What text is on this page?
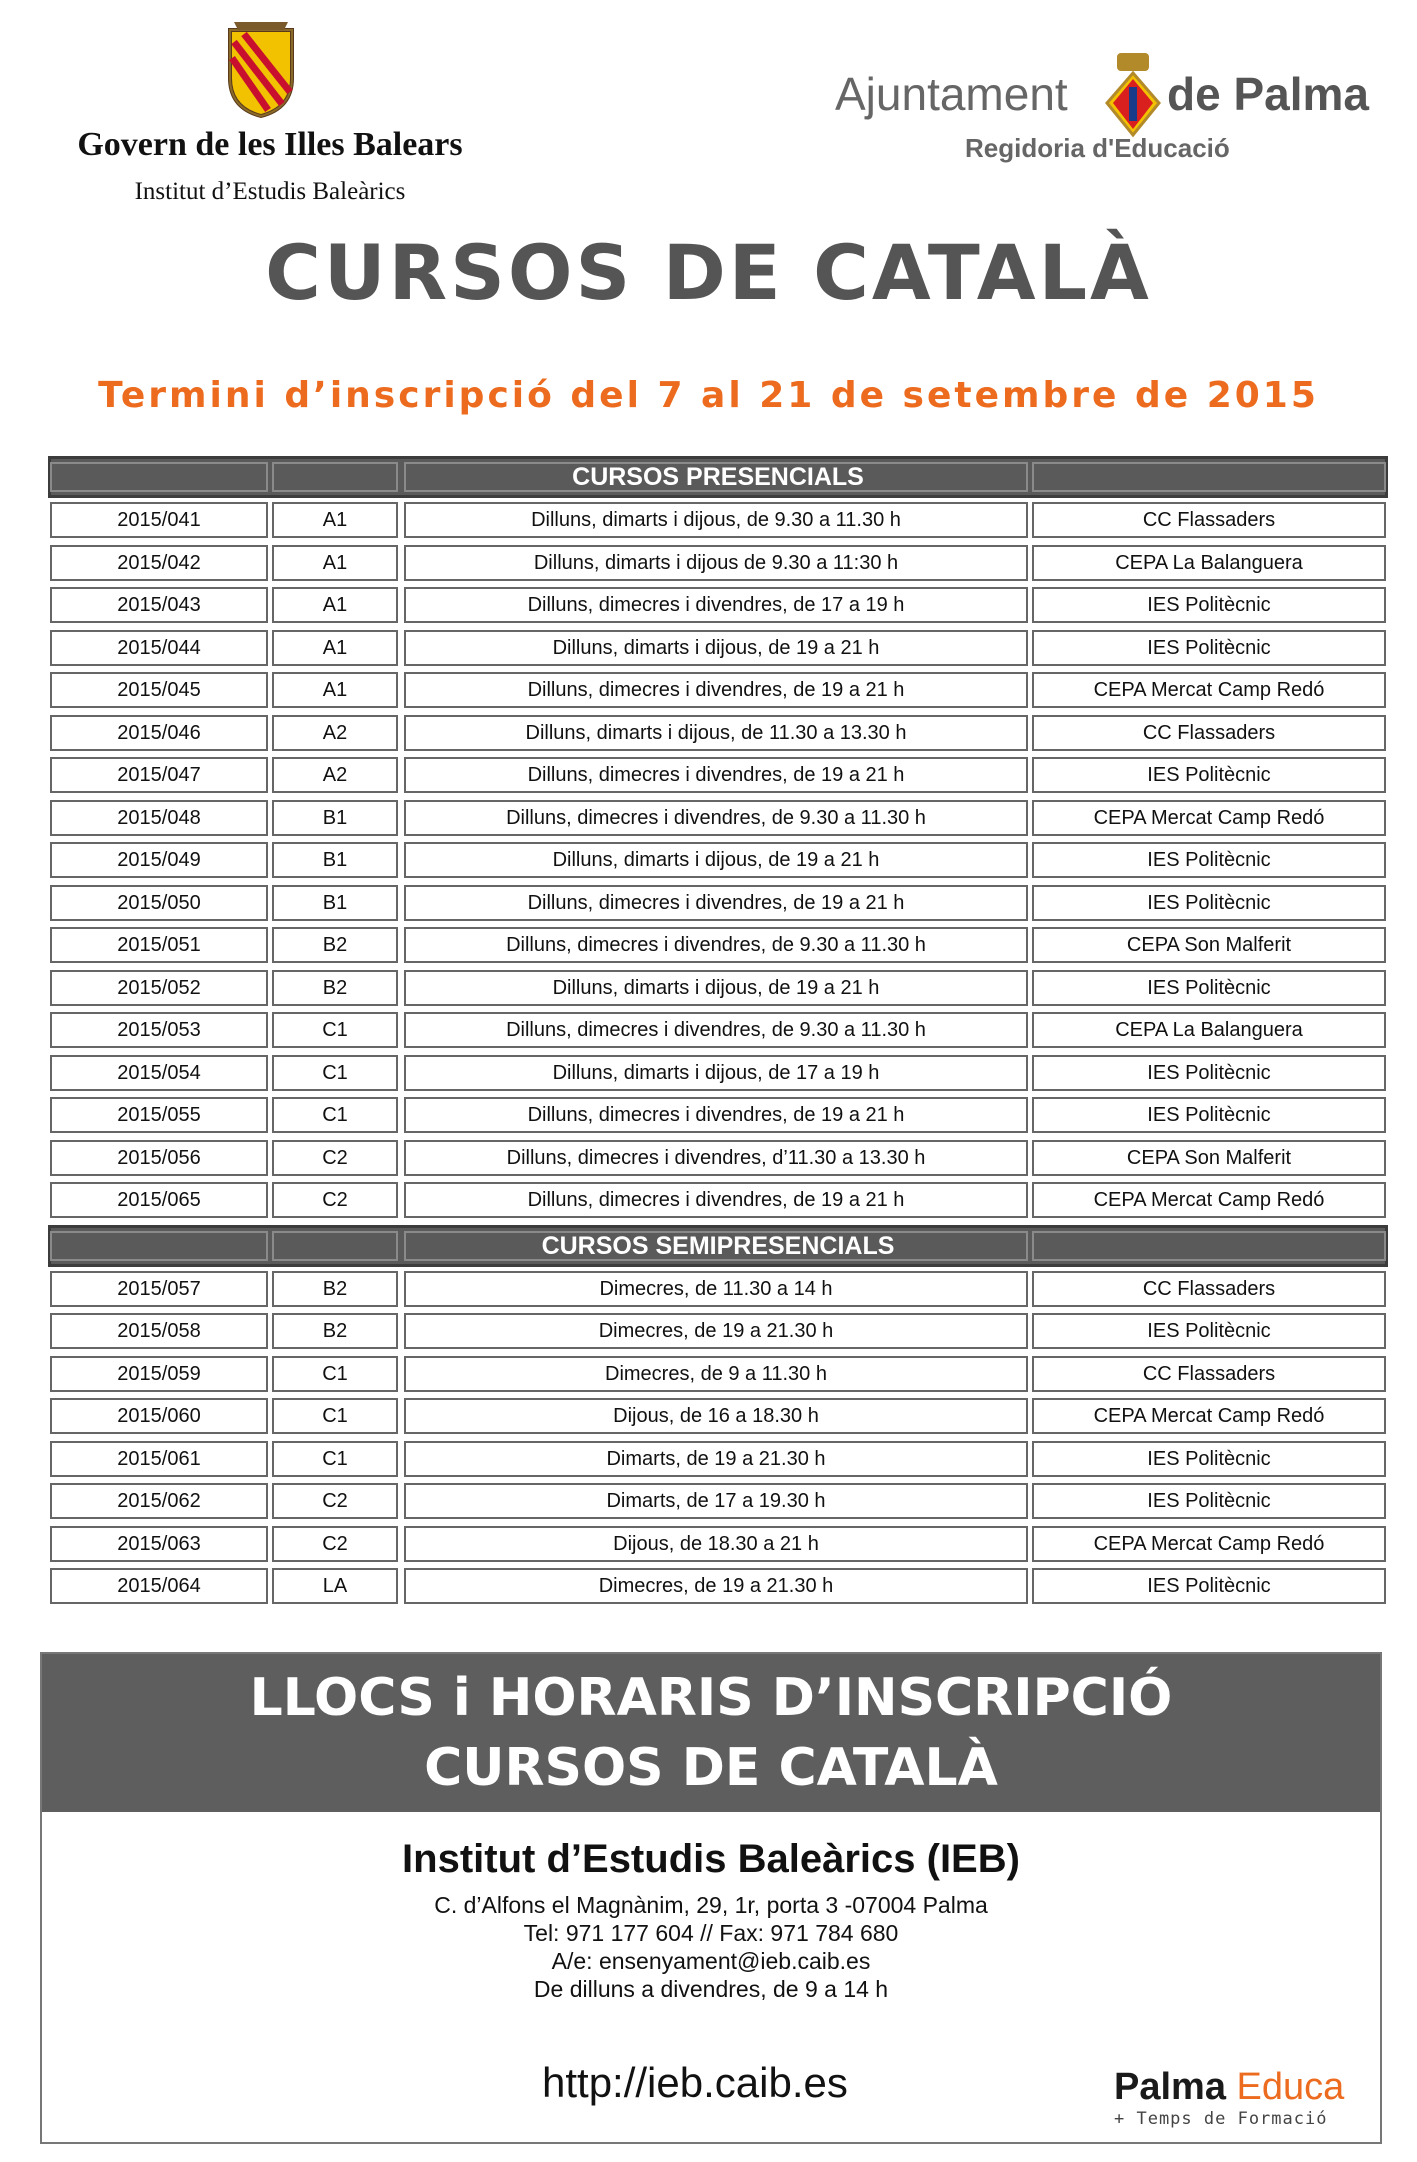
Govern de les Illes Balears
Institut d’Estudis Baleàrics
Ajuntament de Palma
Regidoria d'Educació
CURSOS DE CATALÀ
Termini d’inscripció del 7 al 21 de setembre de 2015
CURSOS PRESENCIALS
2015/041	A1	Dilluns, dimarts i dijous, de 9.30 a 11.30 h	CC Flassaders
2015/042	A1	Dilluns, dimarts i dijous de 9.30 a 11:30 h	CEPA La Balanguera
2015/043	A1	Dilluns, dimecres i divendres, de 17 a 19 h	IES Politècnic
2015/044	A1	Dilluns, dimarts i dijous, de 19 a 21 h	IES Politècnic
2015/045	A1	Dilluns, dimecres i divendres, de 19 a 21 h	CEPA Mercat Camp Redó
2015/046	A2	Dilluns, dimarts i dijous, de 11.30 a 13.30 h	CC Flassaders
2015/047	A2	Dilluns, dimecres i divendres, de 19 a 21 h	IES Politècnic
2015/048	B1	Dilluns, dimecres i divendres, de 9.30 a 11.30 h	CEPA Mercat Camp Redó
2015/049	B1	Dilluns, dimarts i dijous, de 19 a 21 h	IES Politècnic
2015/050	B1	Dilluns, dimecres i divendres, de 19 a 21 h	IES Politècnic
2015/051	B2	Dilluns, dimecres i divendres, de 9.30 a 11.30 h	CEPA Son Malferit
2015/052	B2	Dilluns, dimarts i dijous, de 19 a 21 h	IES Politècnic
2015/053	C1	Dilluns, dimecres i divendres, de 9.30 a 11.30 h	CEPA La Balanguera
2015/054	C1	Dilluns, dimarts i dijous, de 17 a 19 h	IES Politècnic
2015/055	C1	Dilluns, dimecres i divendres, de 19 a 21 h	IES Politècnic
2015/056	C2	Dilluns, dimecres i divendres, d’11.30 a 13.30 h	CEPA Son Malferit
2015/065	C2	Dilluns, dimecres i divendres, de 19 a 21 h	CEPA Mercat Camp Redó
CURSOS SEMIPRESENCIALS
2015/057	B2	Dimecres, de 11.30 a 14 h	CC Flassaders
2015/058	B2	Dimecres, de 19 a 21.30 h	IES Politècnic
2015/059	C1	Dimecres, de 9 a 11.30 h	CC Flassaders
2015/060	C1	Dijous, de 16 a 18.30 h	CEPA Mercat Camp Redó
2015/061	C1	Dimarts, de 19 a 21.30 h	IES Politècnic
2015/062	C2	Dimarts, de 17 a 19.30 h	IES Politècnic
2015/063	C2	Dijous, de 18.30 a 21 h	CEPA Mercat Camp Redó
2015/064	LA	Dimecres, de 19 a 21.30 h	IES Politècnic
LLOCS i HORARIS D’INSCRIPCIÓ
CURSOS DE CATALÀ
Institut d’Estudis Baleàrics (IEB)
C. d’Alfons el Magnànim, 29, 1r, porta 3 -07004 Palma
Tel: 971 177 604 // Fax: 971 784 680
A/e: ensenyament@ieb.caib.es
De dilluns a divendres, de 9 a 14 h
http://ieb.caib.es	Palma Educa
+ Temps de Formació
